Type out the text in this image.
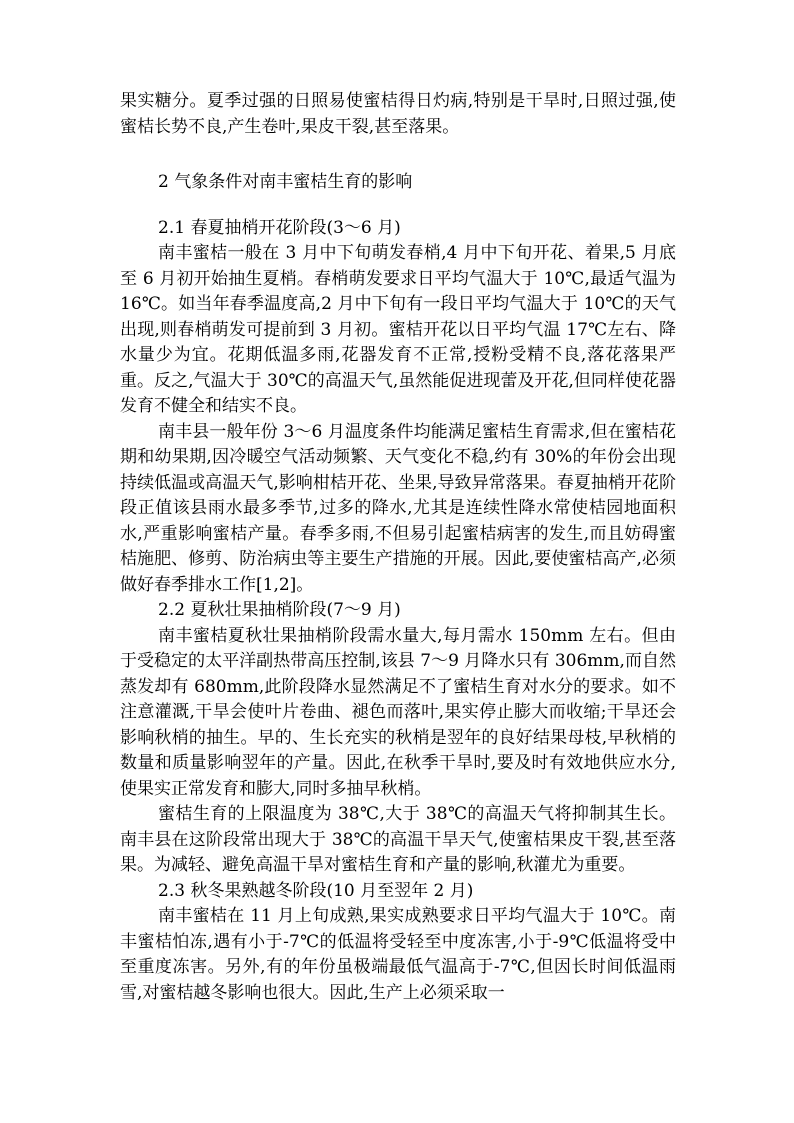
果实糖分。夏季过强的日照易使蜜桔得日灼病,特别是干旱时,日照过强,使蜜桔长势不良,产生卷叶,果皮干裂,甚至落果。

2 气象条件对南丰蜜桔生育的影响

2.1 春夏抽梢开花阶段(3～6 月)

南丰蜜桔一般在 3 月中下旬萌发春梢,4 月中下旬开花、着果,5 月底至 6 月初开始抽生夏梢。春梢萌发要求日平均气温大于 10℃,最适气温为 16℃。如当年春季温度高,2 月中下旬有一段日平均气温大于 10℃的天气出现,则春梢萌发可提前到 3 月初。蜜桔开花以日平均气温 17℃左右、降水量少为宜。花期低温多雨,花器发育不正常,授粉受精不良,落花落果严重。反之,气温大于 30℃的高温天气,虽然能促进现蕾及开花,但同样使花器发育不健全和结实不良。

南丰县一般年份 3～6 月温度条件均能满足蜜桔生育需求,但在蜜桔花期和幼果期,因冷暖空气活动频繁、天气变化不稳,约有 30%的年份会出现持续低温或高温天气,影响柑桔开花、坐果,导致异常落果。春夏抽梢开花阶段正值该县雨水最多季节,过多的降水,尤其是连续性降水常使桔园地面积水,严重影响蜜桔产量。春季多雨,不但易引起蜜桔病害的发生,而且妨碍蜜桔施肥、修剪、防治病虫等主要生产措施的开展。因此,要使蜜桔高产,必须做好春季排水工作[1,2]。

2.2 夏秋壮果抽梢阶段(7～9 月)

南丰蜜桔夏秋壮果抽梢阶段需水量大,每月需水 150mm 左右。但由于受稳定的太平洋副热带高压控制,该县 7～9 月降水只有 306mm,而自然蒸发却有 680mm,此阶段降水显然满足不了蜜桔生育对水分的要求。如不注意灌溉,干旱会使叶片卷曲、褪色而落叶,果实停止膨大而收缩;干旱还会影响秋梢的抽生。早的、生长充实的秋梢是翌年的良好结果母枝,早秋梢的数量和质量影响翌年的产量。因此,在秋季干旱时,要及时有效地供应水分,使果实正常发育和膨大,同时多抽早秋梢。

蜜桔生育的上限温度为 38℃,大于 38℃的高温天气将抑制其生长。南丰县在这阶段常出现大于 38℃的高温干旱天气,使蜜桔果皮干裂,甚至落果。为减轻、避免高温干旱对蜜桔生育和产量的影响,秋灌尤为重要。

2.3 秋冬果熟越冬阶段(10 月至翌年 2 月)

南丰蜜桔在 11 月上旬成熟,果实成熟要求日平均气温大于 10℃。南丰蜜桔怕冻,遇有小于-7℃的低温将受轻至中度冻害,小于-9℃低温将受中至重度冻害。另外,有的年份虽极端最低气温高于-7℃,但因长时间低温雨雪,对蜜桔越冬影响也很大。因此,生产上必须采取一
